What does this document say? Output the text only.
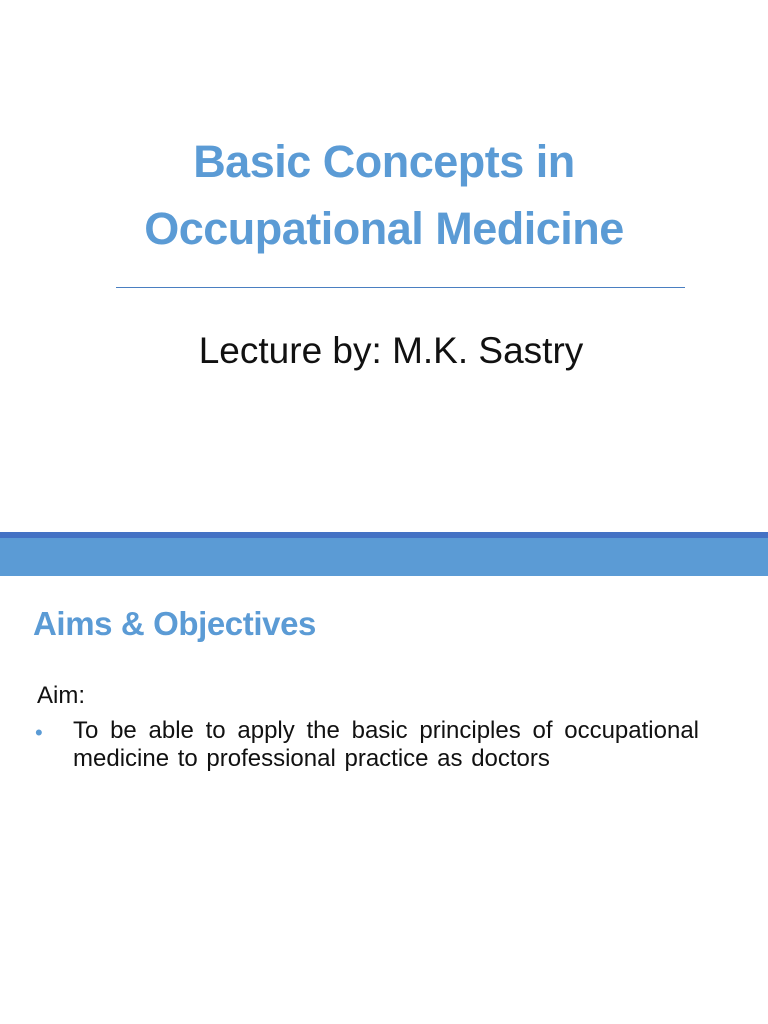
Basic Concepts in
Occupational Medicine
Lecture by: M.K. Sastry
Aims & Objectives
Aim:
• To be able to apply the basic principles of occupational medicine to professional practice as doctors
